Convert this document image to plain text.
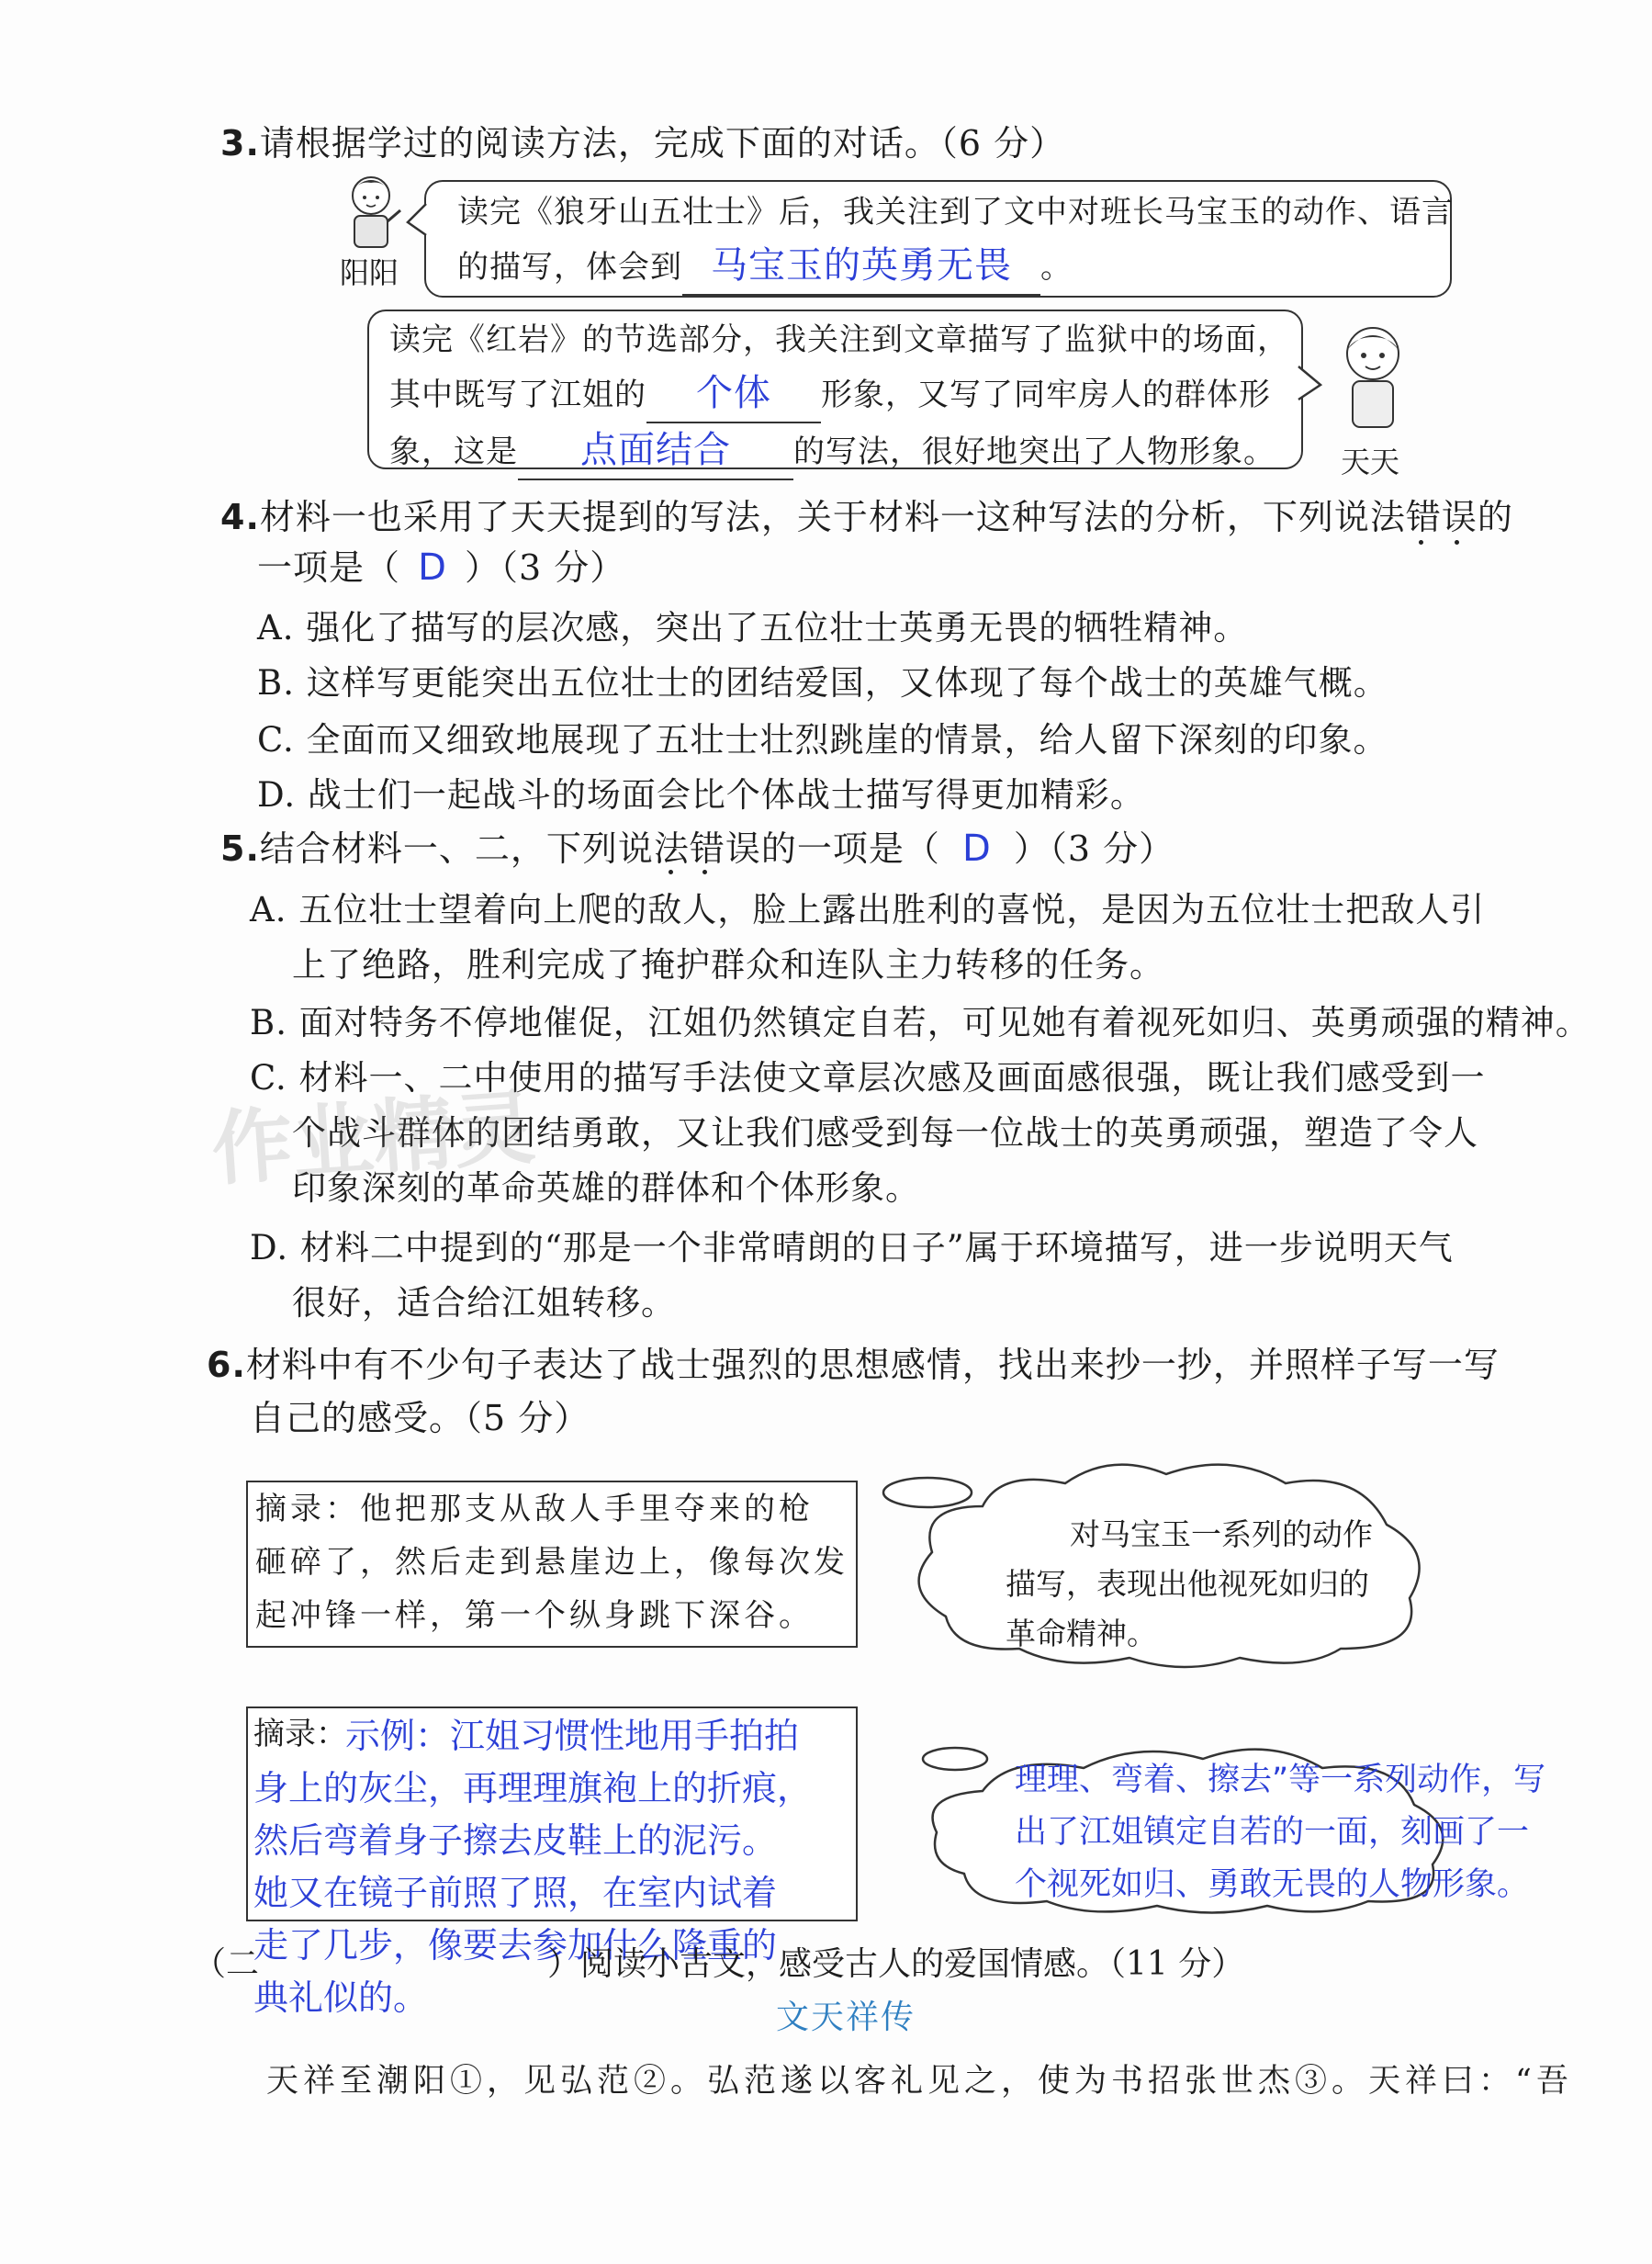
3.请根据学过的阅读方法，完成下面的对话。（6 分）
阳阳
读完《狼牙山五壮士》后，我关注到了文中对班长马宝玉的动作、语言
的描写，体会到 马宝玉的英勇无畏 。
读完《红岩》的节选部分，我关注到文章描写了监狱中的场面，
其中既写了江姐的 个体 形象，又写了同牢房人的群体形
象，这是 点面结合 的写法，很好地突出了人物形象。	天天
4.材料一也采用了天天提到的写法，关于材料一这种写法的分析，下列说法错误的
一项是（ D ）（3 分）
A. 强化了描写的层次感，突出了五位壮士英勇无畏的牺牲精神。
B. 这样写更能突出五位壮士的团结爱国，又体现了每个战士的英雄气概。
C. 全面而又细致地展现了五壮士壮烈跳崖的情景，给人留下深刻的印象。
D. 战士们一起战斗的场面会比个体战士描写得更加精彩。
5.结合材料一、二，下列说法错误的一项是（ D ）（3 分）
A. 五位壮士望着向上爬的敌人，脸上露出胜利的喜悦，是因为五位壮士把敌人引
上了绝路，胜利完成了掩护群众和连队主力转移的任务。
B. 面对特务不停地催促，江姐仍然镇定自若，可见她有着视死如归、英勇顽强的精神。
C. 材料一、二中使用的描写手法使文章层次感及画面感很强，既让我们感受到一
个战斗群体的团结勇敢，又让我们感受到每一位战士的英勇顽强，塑造了令人
印象深刻的革命英雄的群体和个体形象。
D. 材料二中提到的“那是一个非常晴朗的日子”属于环境描写，进一步说明天气
很好，适合给江姐转移。
6.材料中有不少句子表达了战士强烈的思想感情，找出来抄一抄，并照样子写一写
自己的感受。（5 分）
摘录：他把那支从敌人手里夺来的枪
砸碎了，然后走到悬崖边上，像每次发
起冲锋一样，第一个纵身跳下深谷。
对马宝玉一系列的动作
描写，表现出他视死如归的
革命精神。
摘录：
示例：江姐习惯性地用手拍拍
身上的灰尘，再理理旗袍上的折痕，
然后弯着身子擦去皮鞋上的泥污。
她又在镜子前照了照，在室内试着
走了几步，像要去参加什么隆重的
典礼似的。
理理、弯着、擦去”等一系列动作，写
出了江姐镇定自若的一面，刻画了一
个视死如归、勇敢无畏的人物形象。
（二	）阅读小古文，感受古人的爱国情感。（11 分）
文天祥传
天祥至潮阳①，见弘范②。弘范遂以客礼见之，使为书招张世杰③。天祥曰：“吾
作业精灵
